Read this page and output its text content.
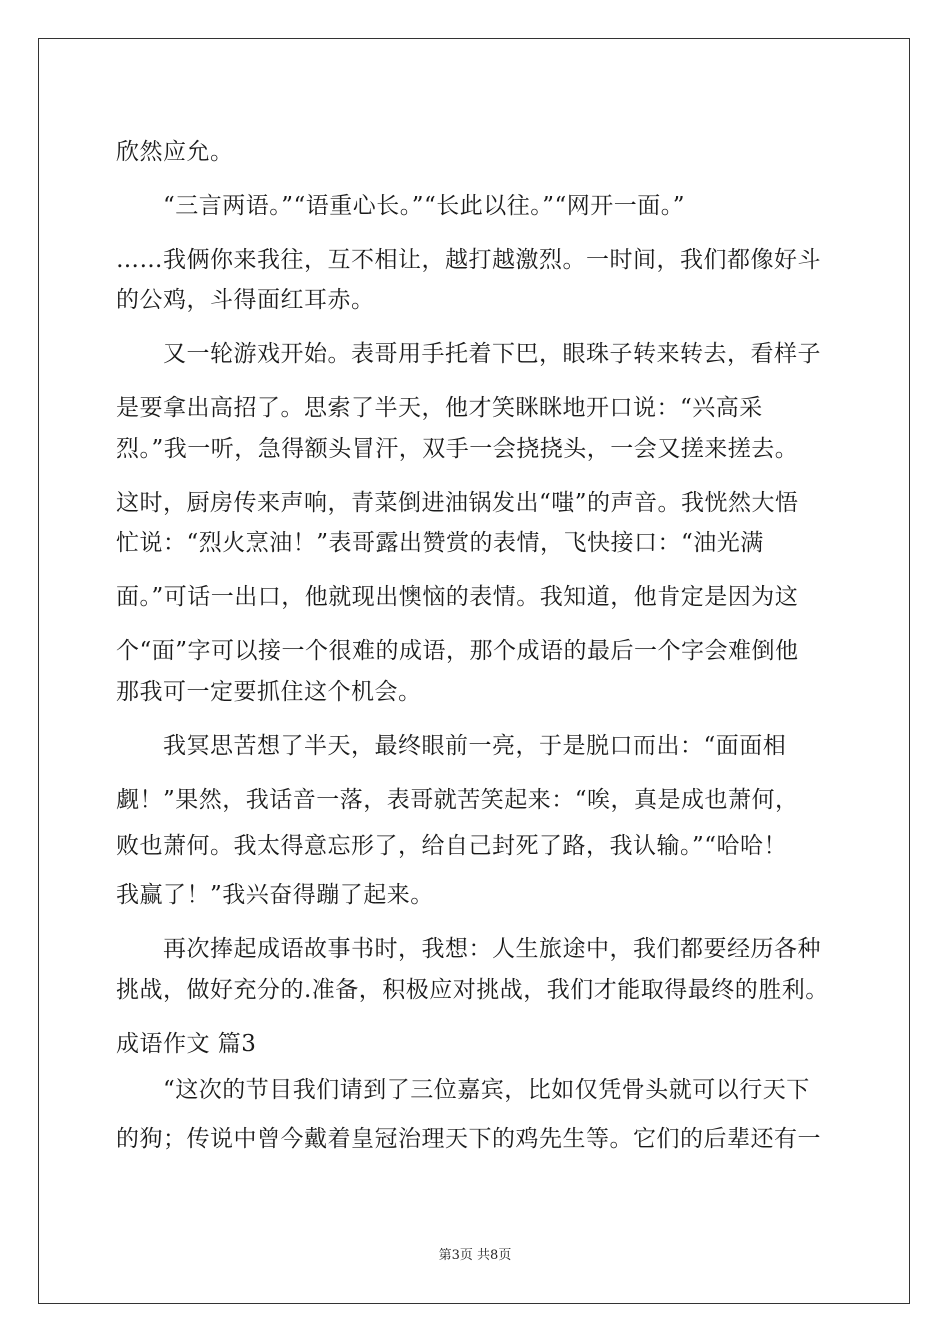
欣然应允。
　　“三言两语。”“语重心长。”“长此以往。”“网开一面。”
……我俩你来我往，互不相让，越打越激烈。一时间，我们都像好斗
的公鸡，斗得面红耳赤。
　　又一轮游戏开始。表哥用手托着下巴，眼珠子转来转去，看样子
是要拿出高招了。思索了半天，他才笑眯眯地开口说：“兴高采
烈。”我一听，急得额头冒汗，双手一会挠挠头，一会又搓来搓去。
这时，厨房传来声响，青菜倒进油锅发出“嗤”的声音。我恍然大悟
忙说：“烈火烹油！”表哥露出赞赏的表情，飞快接口：“油光满
面。”可话一出口，他就现出懊恼的表情。我知道，他肯定是因为这
个“面”字可以接一个很难的成语，那个成语的最后一个字会难倒他
那我可一定要抓住这个机会。
　　我冥思苦想了半天，最终眼前一亮，于是脱口而出：“面面相
觑！”果然，我话音一落，表哥就苦笑起来：“唉，真是成也萧何，
败也萧何。我太得意忘形了，给自己封死了路，我认输。”“哈哈！
我赢了！”我兴奋得蹦了起来。
　　再次捧起成语故事书时，我想：人生旅途中，我们都要经历各种
挑战，做好充分的.准备，积极应对挑战，我们才能取得最终的胜利。
成语作文 篇3
　　“这次的节目我们请到了三位嘉宾，比如仅凭骨头就可以行天下
的狗；传说中曾今戴着皇冠治理天下的鸡先生等。它们的后辈还有一
第3页 共8页
